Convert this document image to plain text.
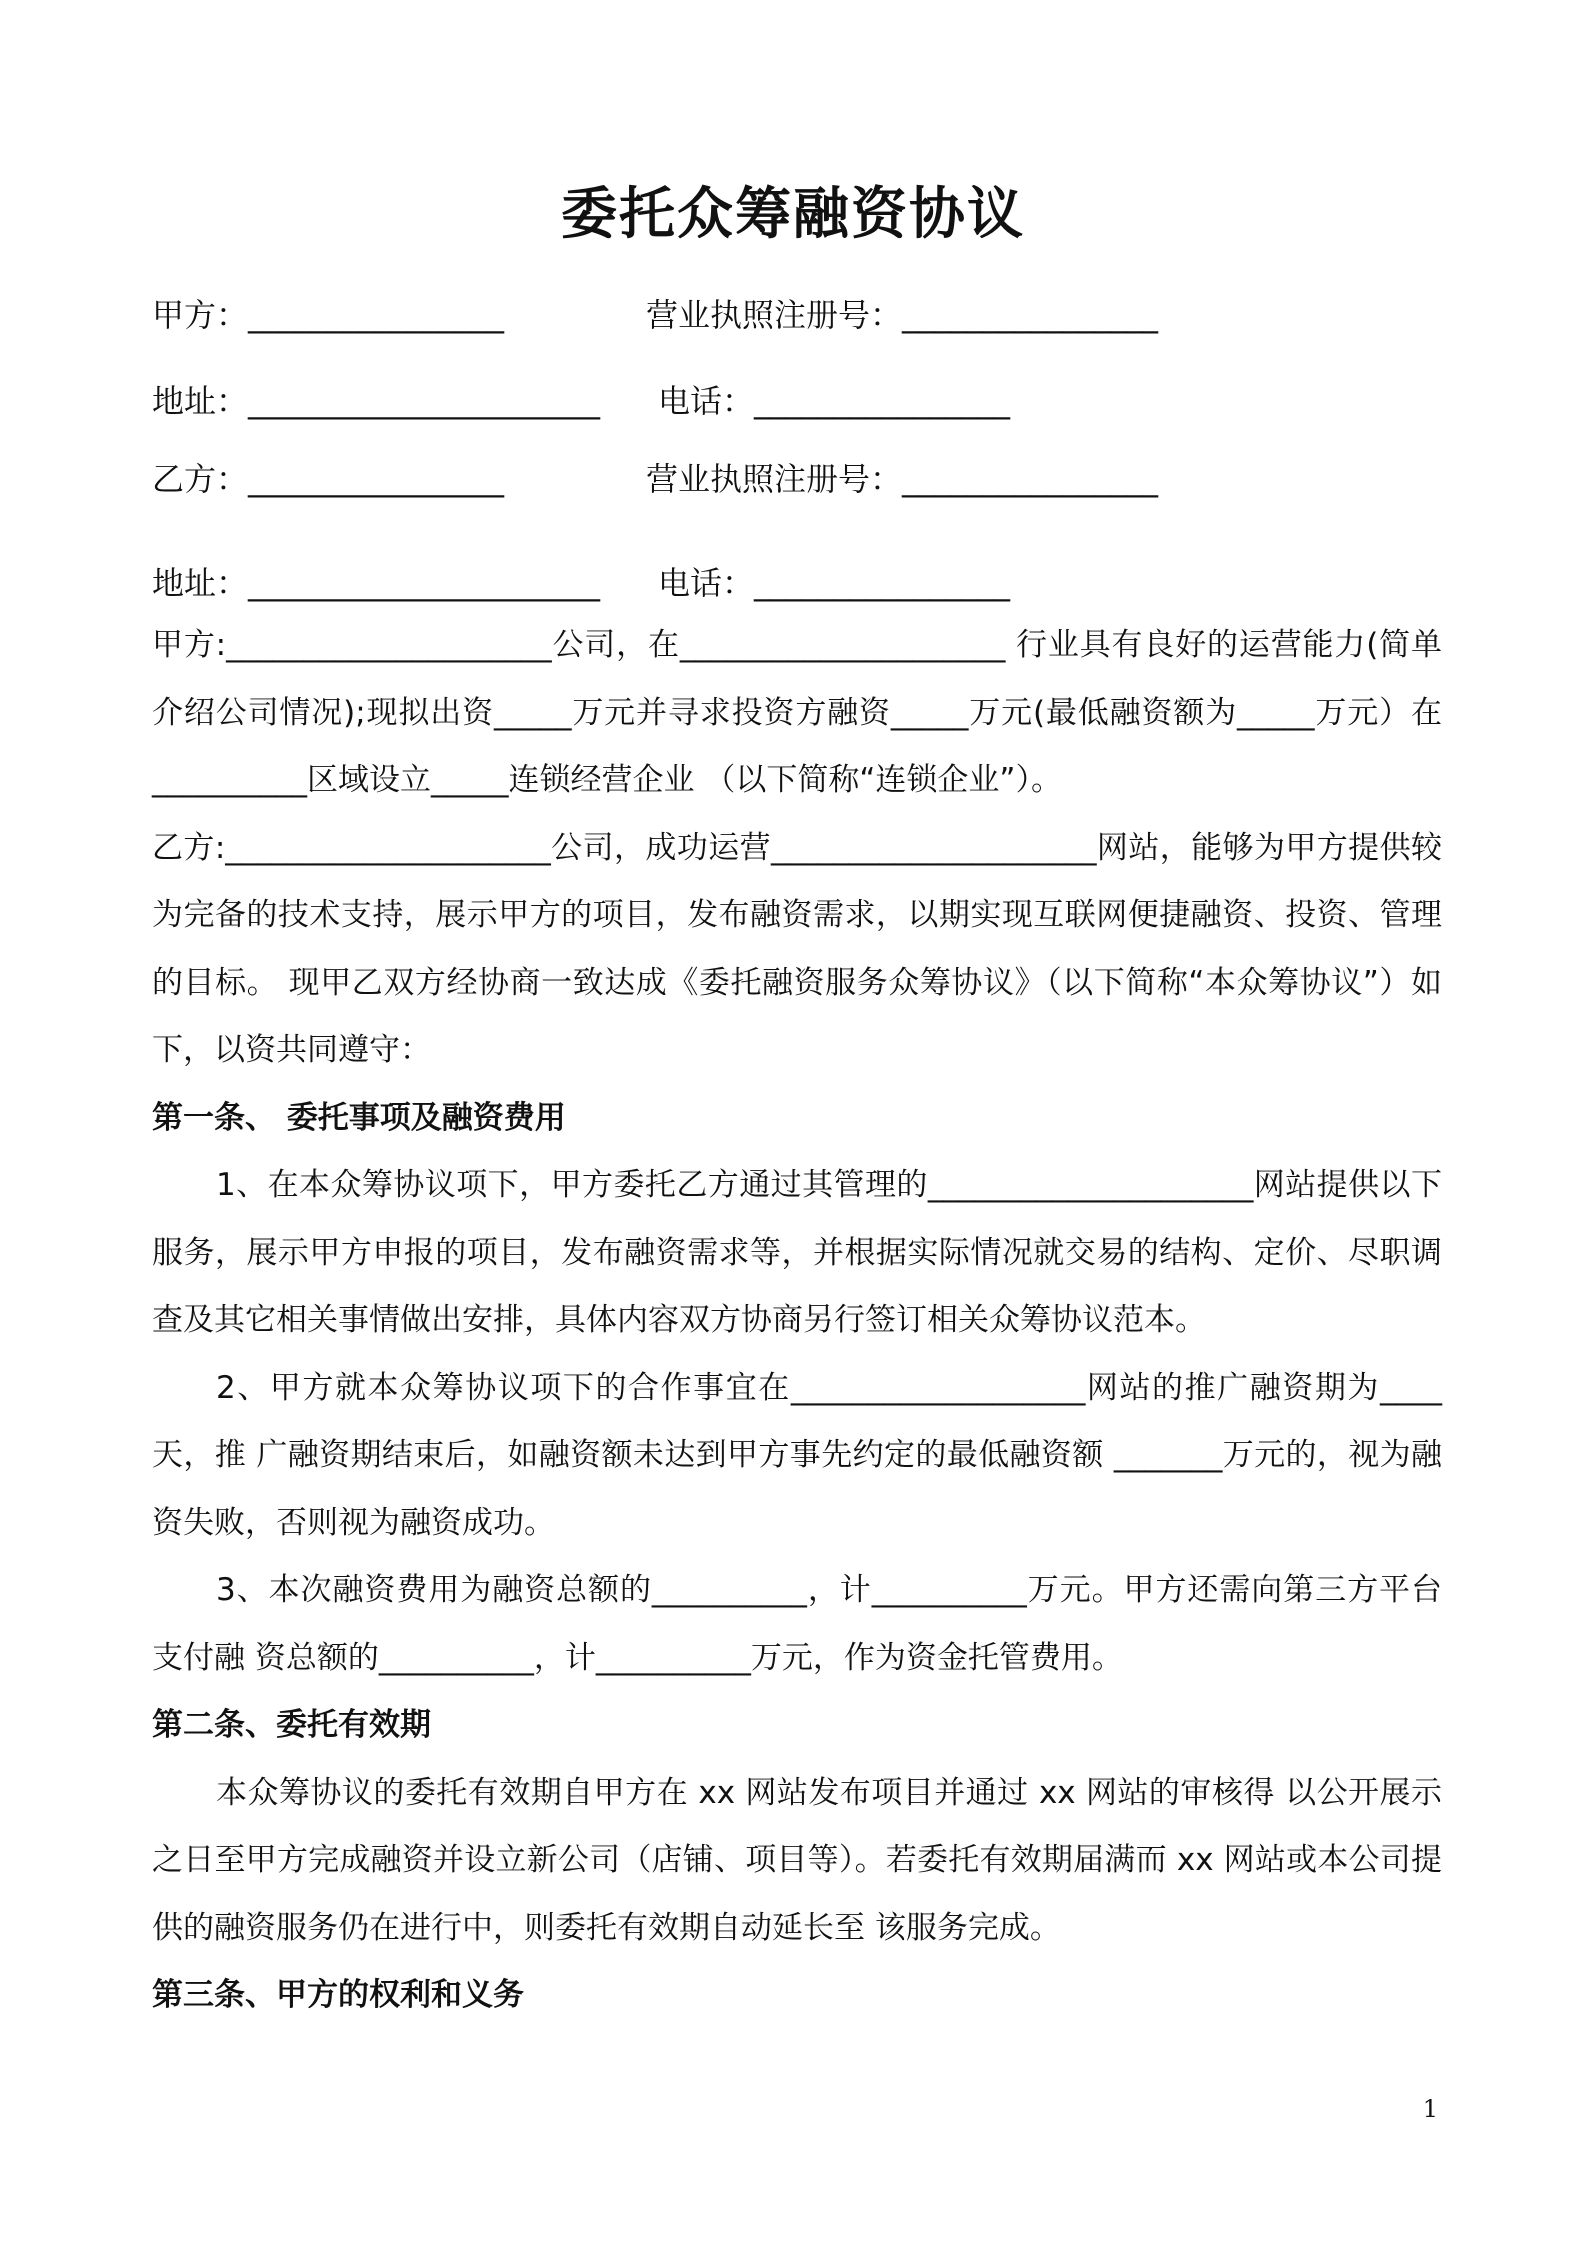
委托众筹融资协议
甲方：________________	营业执照注册号：________________
地址：______________________ 电话：________________
乙方：________________	营业执照注册号：________________
地址：______________________ 电话：________________

甲方:_____________________公司，在_____________________ 行业具有良好的运营能力(简单介绍公司情况);现拟出资_____万元并寻求投资方融资_____万元(最低融资额为_____万元）在__________区域设立_____连锁经营企业 （以下简称“连锁企业”）。

乙方:_____________________公司，成功运营_____________________网站，能够为甲方提供较为完备的技术支持，展示甲方的项目，发布融资需求，以期实现互联网便捷融资、投资、管理的目标。 现甲乙双方经协商一致达成《委托融资服务众筹协议》（以下简称“本众筹协议”）如下，以资共同遵守：

第一条、 委托事项及融资费用

1、在本众筹协议项下，甲方委托乙方通过其管理的_____________________网站提供以下服务，展示甲方申报的项目，发布融资需求等，并根据实际情况就交易的结构、定价、尽职调查及其它相关事情做出安排，具体内容双方协商另行签订相关众筹协议范本。

2、甲方就本众筹协议项下的合作事宜在___________________网站的推广融资期为____天，推 广融资期结束后，如融资额未达到甲方事先约定的最低融资额 _______万元的，视为融资失败，否则视为融资成功。

3、本次融资费用为融资总额的__________，计__________万元。甲方还需向第三方平台支付融 资总额的__________，计__________万元，作为资金托管费用。

第二条、委托有效期

本众筹协议的委托有效期自甲方在 xx 网站发布项目并通过 xx 网站的审核得 以公开展示之日至甲方完成融资并设立新公司（店铺、项目等）。若委托有效期届满而 xx 网站或本公司提供的融资服务仍在进行中，则委托有效期自动延长至 该服务完成。

第三条、甲方的权利和义务

1
